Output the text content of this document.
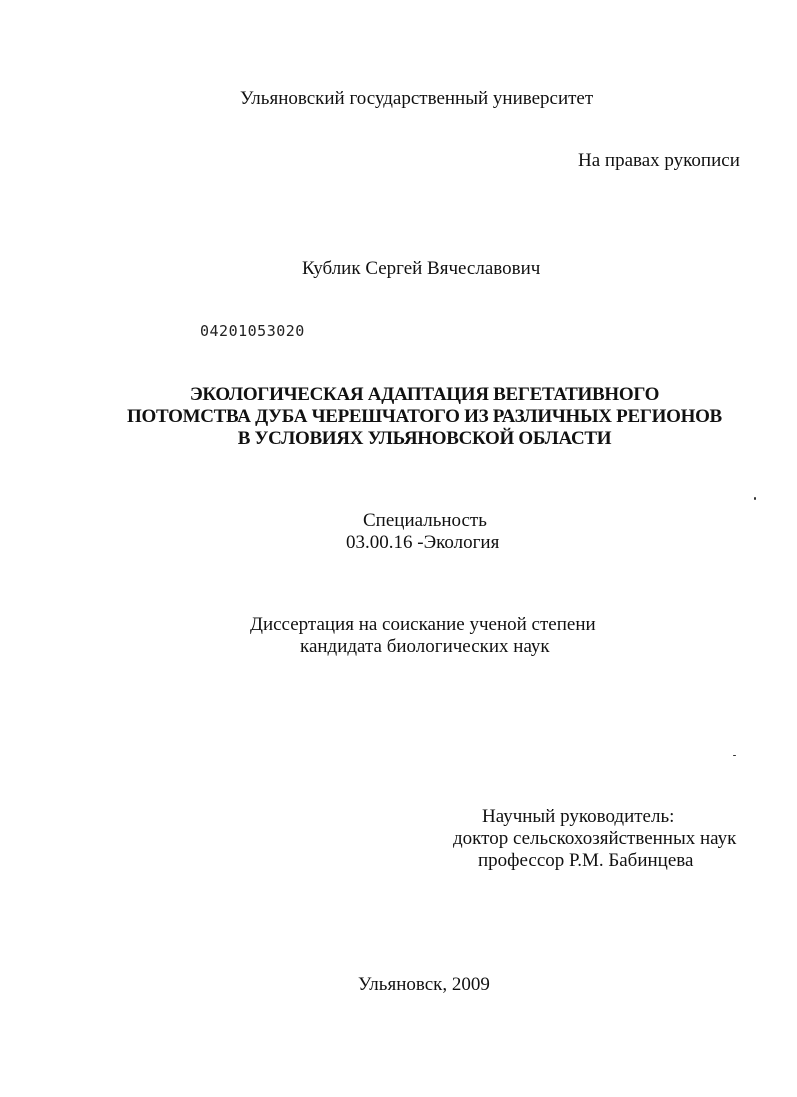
Ульяновский государственный университет
На правах рукописи
Кублик Сергей Вячеславович
04201053020
ЭКОЛОГИЧЕСКАЯ АДАПТАЦИЯ ВЕГЕТАТИВНОГО
ПОТОМСТВА ДУБА ЧЕРЕШЧАТОГО ИЗ РАЗЛИЧНЫХ РЕГИОНОВ
В УСЛОВИЯХ УЛЬЯНОВСКОЙ ОБЛАСТИ
Специальность
03.00.16 -Экология
Диссертация на соискание ученой степени
кандидата биологических наук
Научный руководитель:
доктор сельскохозяйственных наук
профессор Р.М. Бабинцева
Ульяновск, 2009
